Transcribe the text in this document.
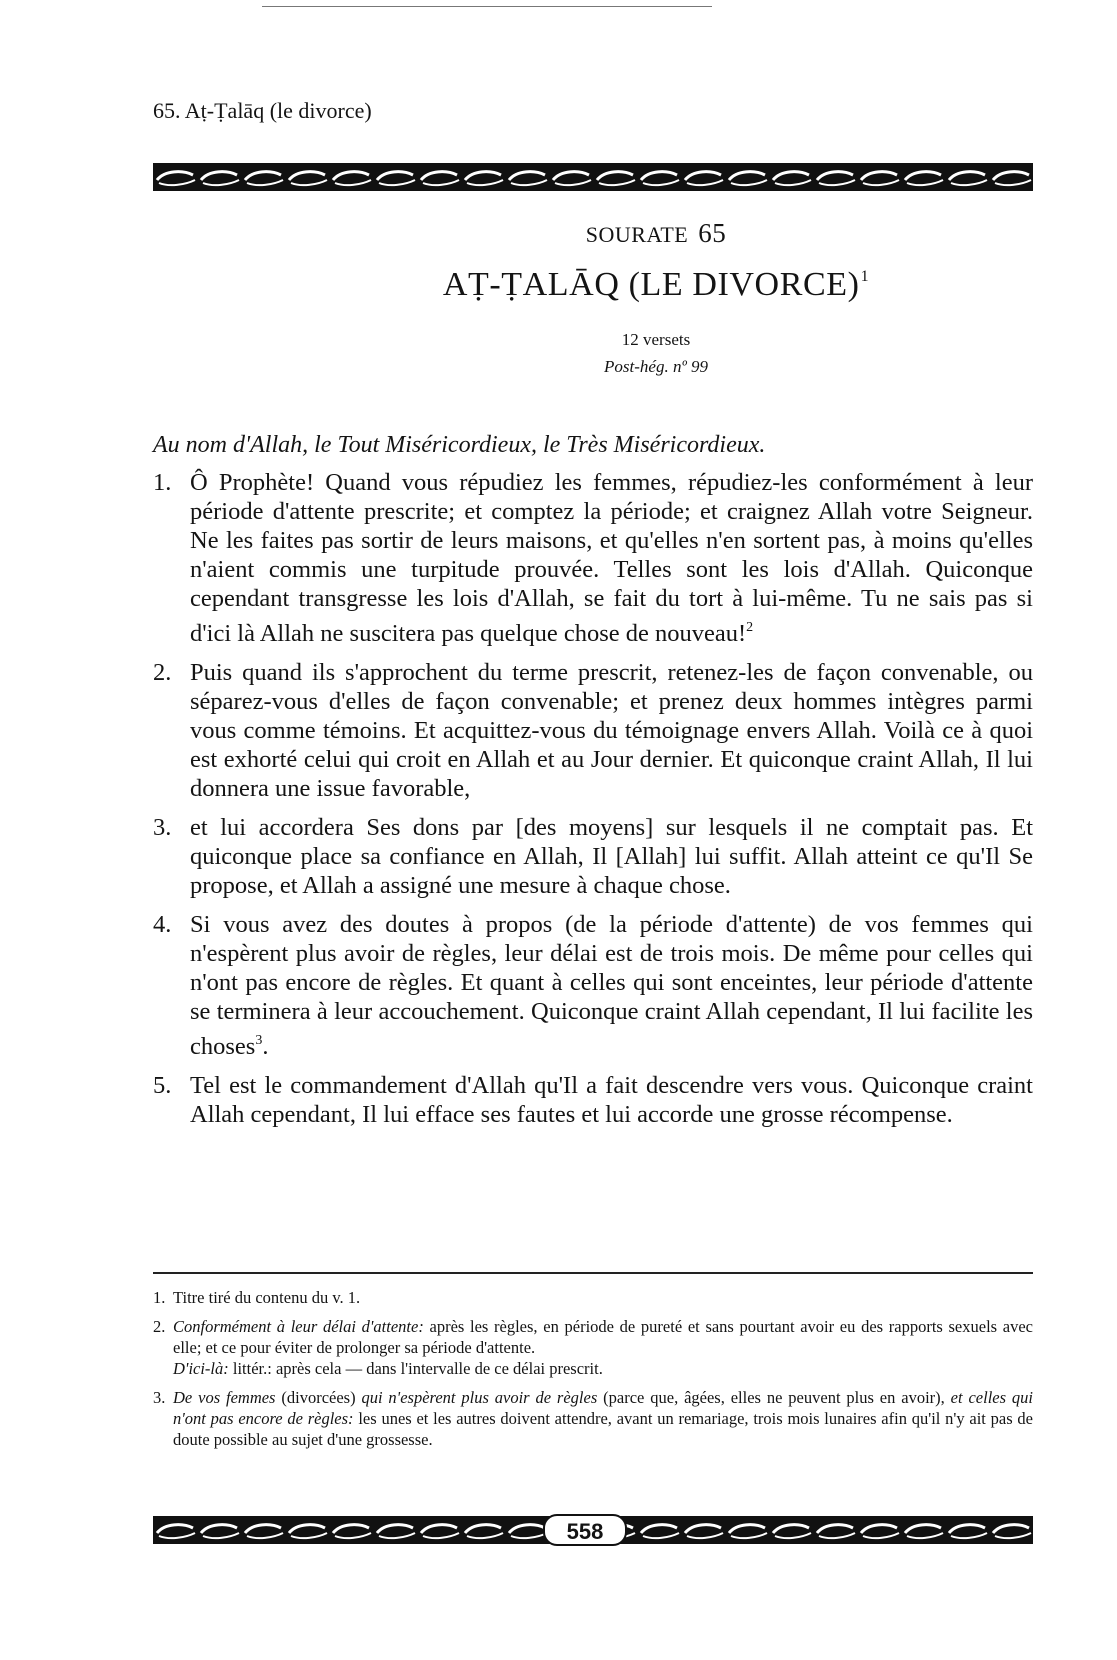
65. Aṭ-Ṭalāq (le divorce)
SOURATE 65
AṬ-ṬALĀQ (LE DIVORCE)$^1$
12 versets
Post-hég. nº 99
Au nom d'Allah, le Tout Miséricordieux, le Très Miséricordieux.
1. Ô Prophète! Quand vous répudiez les femmes, répudiez-les conformément à leur période d'attente prescrite; et comptez la période; et craignez Allah votre Seigneur. Ne les faites pas sortir de leurs maisons, et qu'elles n'en sortent pas, à moins qu'elles n'aient commis une turpitude prouvée. Telles sont les lois d'Allah. Quiconque cependant transgresse les lois d'Allah, se fait du tort à lui-même. Tu ne sais pas si d'ici là Allah ne suscitera pas quelque chose de nouveau!$^2$
2. Puis quand ils s'approchent du terme prescrit, retenez-les de façon convenable, ou séparez-vous d'elles de façon convenable; et prenez deux hommes intègres parmi vous comme témoins. Et acquittez-vous du témoignage envers Allah. Voilà ce à quoi est exhorté celui qui croit en Allah et au Jour dernier. Et quiconque craint Allah, Il lui donnera une issue favorable,
3. et lui accordera Ses dons par [des moyens] sur lesquels il ne comptait pas. Et quiconque place sa confiance en Allah, Il [Allah] lui suffit. Allah atteint ce qu'Il Se propose, et Allah a assigné une mesure à chaque chose.
4. Si vous avez des doutes à propos (de la période d'attente) de vos femmes qui n'espèrent plus avoir de règles, leur délai est de trois mois. De même pour celles qui n'ont pas encore de règles. Et quant à celles qui sont enceintes, leur période d'attente se terminera à leur accouchement. Quiconque craint Allah cependant, Il lui facilite les choses$^3$.
5. Tel est le commandement d'Allah qu'Il a fait descendre vers vous. Quiconque craint Allah cependant, Il lui efface ses fautes et lui accorde une grosse récompense.
1. Titre tiré du contenu du v. 1.
2. Conformément à leur délai d'attente: après les règles, en période de pureté et sans pourtant avoir eu des rapports sexuels avec elle; et ce pour éviter de prolonger sa période d'attente.
D'ici-là: littér.: après cela — dans l'intervalle de ce délai prescrit.
3. De vos femmes (divorcées) qui n'espèrent plus avoir de règles (parce que, âgées, elles ne peuvent plus en avoir), et celles qui n'ont pas encore de règles: les unes et les autres doivent attendre, avant un remariage, trois mois lunaires afin qu'il n'y ait pas de doute possible au sujet d'une grossesse.
558
